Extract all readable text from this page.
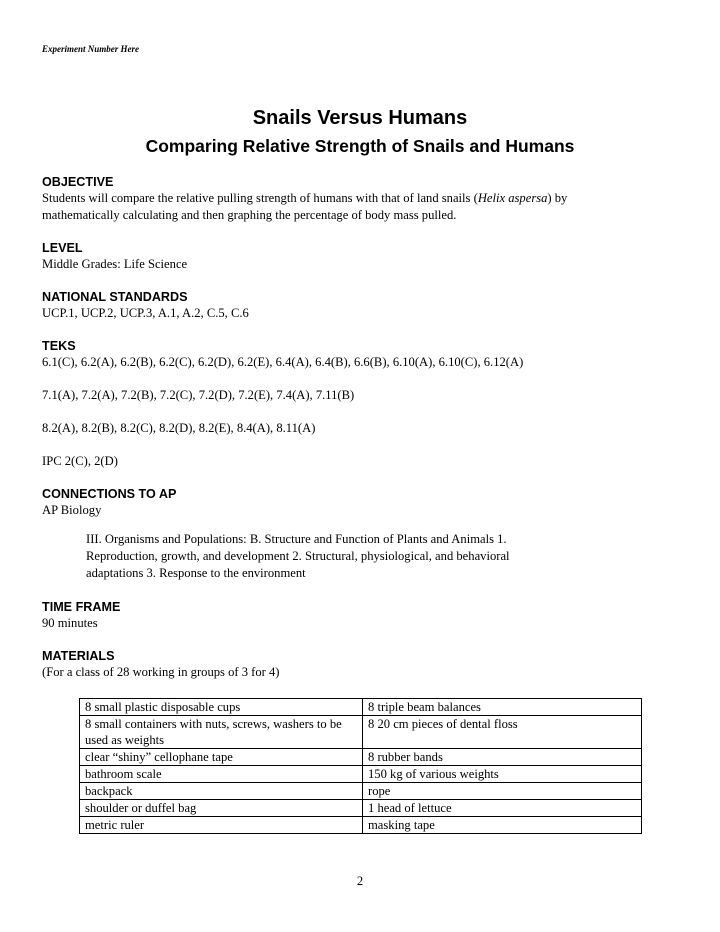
Experiment Number Here
Snails Versus Humans
Comparing Relative Strength of Snails and Humans
OBJECTIVE
Students will compare the relative pulling strength of humans with that of land snails (Helix aspersa) by
mathematically calculating and then graphing the percentage of body mass pulled.
LEVEL
Middle Grades: Life Science
NATIONAL STANDARDS
UCP.1, UCP.2, UCP.3, A.1, A.2, C.5, C.6
TEKS
6.1(C), 6.2(A), 6.2(B), 6.2(C), 6.2(D), 6.2(E), 6.4(A), 6.4(B), 6.6(B), 6.10(A), 6.10(C), 6.12(A)
7.1(A), 7.2(A), 7.2(B), 7.2(C), 7.2(D), 7.2(E), 7.4(A), 7.11(B)
8.2(A), 8.2(B), 8.2(C), 8.2(D), 8.2(E), 8.4(A), 8.11(A)
IPC 2(C), 2(D)
CONNECTIONS TO AP
AP Biology
III. Organisms and Populations: B. Structure and Function of Plants and Animals 1.
Reproduction, growth, and development 2. Structural, physiological, and behavioral
adaptations 3. Response to the environment
TIME FRAME
90 minutes
MATERIALS
(For a class of 28 working in groups of 3 for 4)
8 small plastic disposable cups	8 triple beam balances
8 small containers with nuts, screws, washers to be used as weights	8 20 cm pieces of dental floss
clear “shiny” cellophane tape	8 rubber bands
bathroom scale	150 kg of various weights
backpack	rope
shoulder or duffel bag	1 head of lettuce
metric ruler	masking tape
2
